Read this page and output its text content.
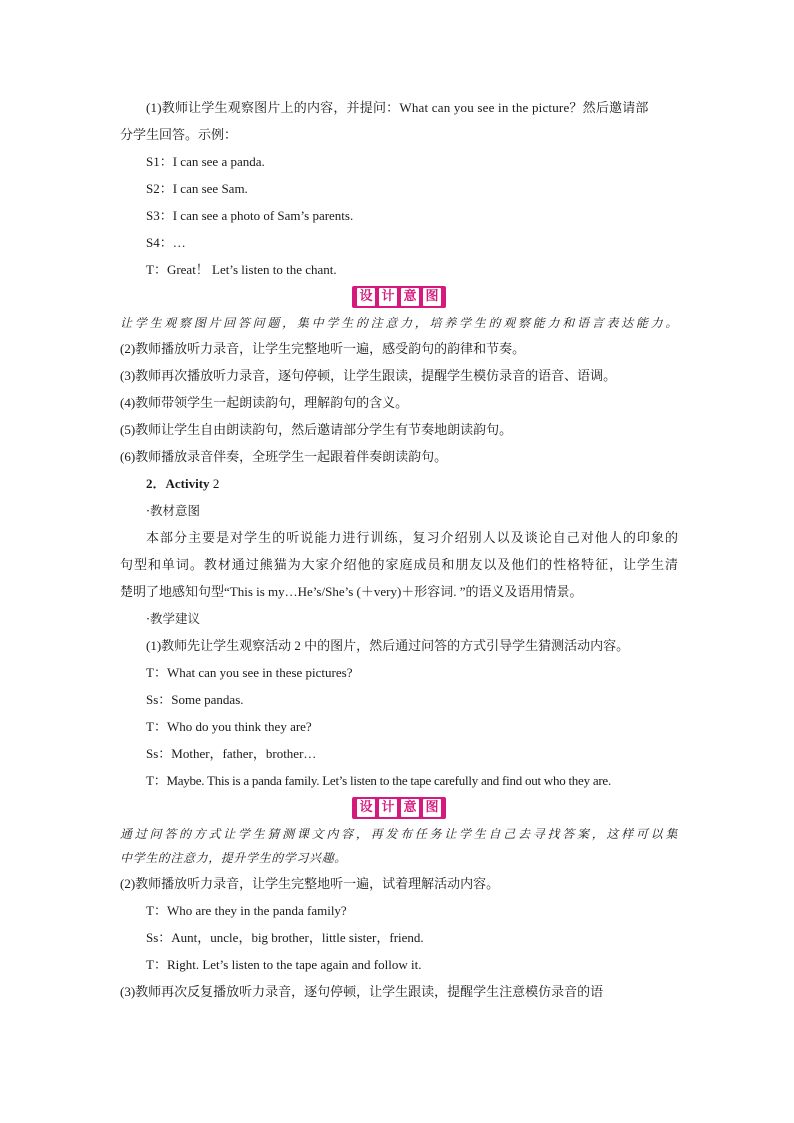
(1)教师让学生观察图片上的内容，并提问：What can you see in the picture？然后邀请部
分学生回答。示例：
S1：I can see a panda.
S2：I can see Sam.
S3：I can see a photo of Sam’s parents.
S4：…
T：Great！ Let’s listen to the chant.
设 计 意 图
让学生观察图片回答问题，集中学生的注意力，培养学生的观察能力和语言表达能力。
(2)教师播放听力录音，让学生完整地听一遍，感受韵句的韵律和节奏。
(3)教师再次播放听力录音，逐句停顿，让学生跟读，提醒学生模仿录音的语音、语调。
(4)教师带领学生一起朗读韵句，理解韵句的含义。
(5)教师让学生自由朗读韵句，然后邀请部分学生有节奏地朗读韵句。
(6)教师播放录音伴奏，全班学生一起跟着伴奏朗读韵句。
2．Activity 2
·教材意图
本部分主要是对学生的听说能力进行训练，复习介绍别人以及谈论自己对他人的印象的
句型和单词。教材通过熊猫为大家介绍他的家庭成员和朋友以及他们的性格特征，让学生清
楚明了地感知句型“This is my…He’s/She’s (＋very)＋形容词. ”的语义及语用情景。
·教学建议
(1)教师先让学生观察活动 2 中的图片，然后通过问答的方式引导学生猜测活动内容。
T：What can you see in these pictures?
Ss：Some pandas.
T：Who do you think they are?
Ss：Mother，father，brother…
T：Maybe. This is a panda family. Let’s listen to the tape carefully and find out who they are.
设 计 意 图
通过问答的方式让学生猜测课文内容，再发布任务让学生自己去寻找答案，这样可以集
中学生的注意力，提升学生的学习兴趣。
(2)教师播放听力录音，让学生完整地听一遍，试着理解活动内容。
T：Who are they in the panda family?
Ss：Aunt，uncle，big brother，little sister，friend.
T：Right. Let’s listen to the tape again and follow it.
(3)教师再次反复播放听力录音，逐句停顿，让学生跟读，提醒学生注意模仿录音的语
